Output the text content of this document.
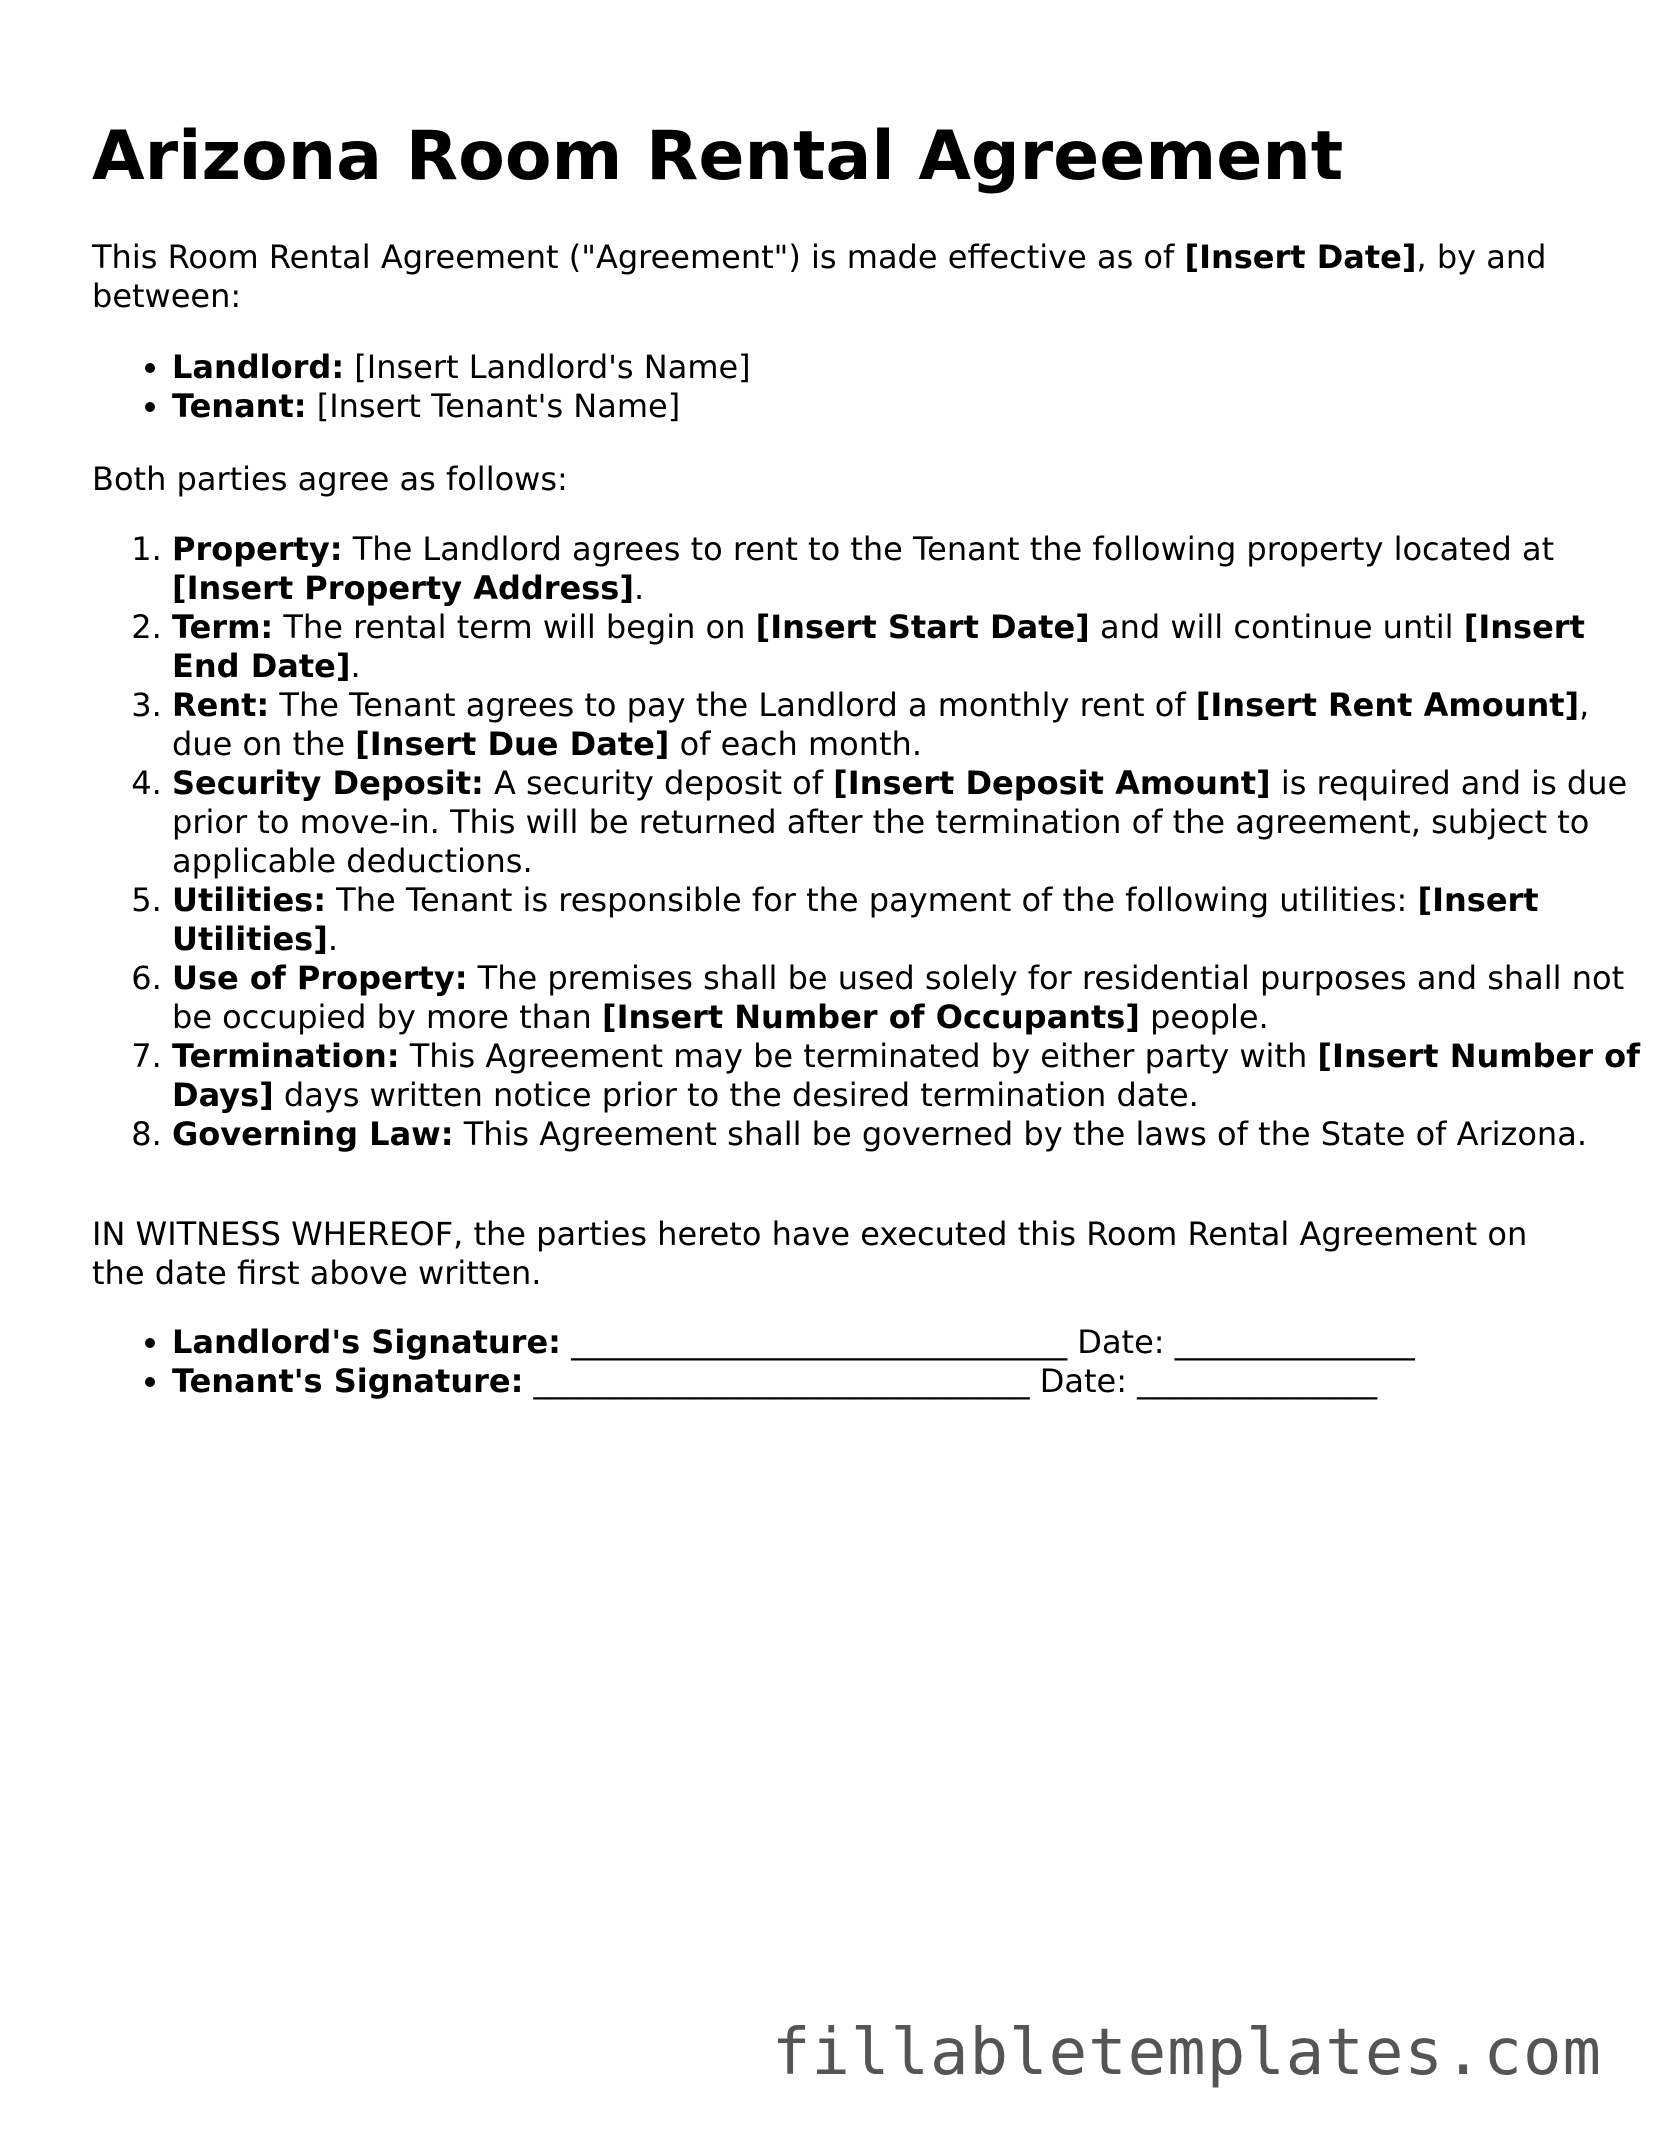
Arizona Room Rental Agreement

This Room Rental Agreement ("Agreement") is made effective as of [Insert Date], by and between:

• Landlord: [Insert Landlord's Name]
• Tenant: [Insert Tenant's Name]

Both parties agree as follows:

1. Property: The Landlord agrees to rent to the Tenant the following property located at [Insert Property Address].
2. Term: The rental term will begin on [Insert Start Date] and will continue until [Insert End Date].
3. Rent: The Tenant agrees to pay the Landlord a monthly rent of [Insert Rent Amount], due on the [Insert Due Date] of each month.
4. Security Deposit: A security deposit of [Insert Deposit Amount] is required and is due prior to move-in. This will be returned after the termination of the agreement, subject to applicable deductions.
5. Utilities: The Tenant is responsible for the payment of the following utilities: [Insert Utilities].
6. Use of Property: The premises shall be used solely for residential purposes and shall not be occupied by more than [Insert Number of Occupants] people.
7. Termination: This Agreement may be terminated by either party with [Insert Number of Days] days written notice prior to the desired termination date.
8. Governing Law: This Agreement shall be governed by the laws of the State of Arizona.

IN WITNESS WHEREOF, the parties hereto have executed this Room Rental Agreement on the date first above written.

• Landlord's Signature: _______________________________ Date: _______________
• Tenant's Signature: _______________________________ Date: _______________
fillabletemplates.com
